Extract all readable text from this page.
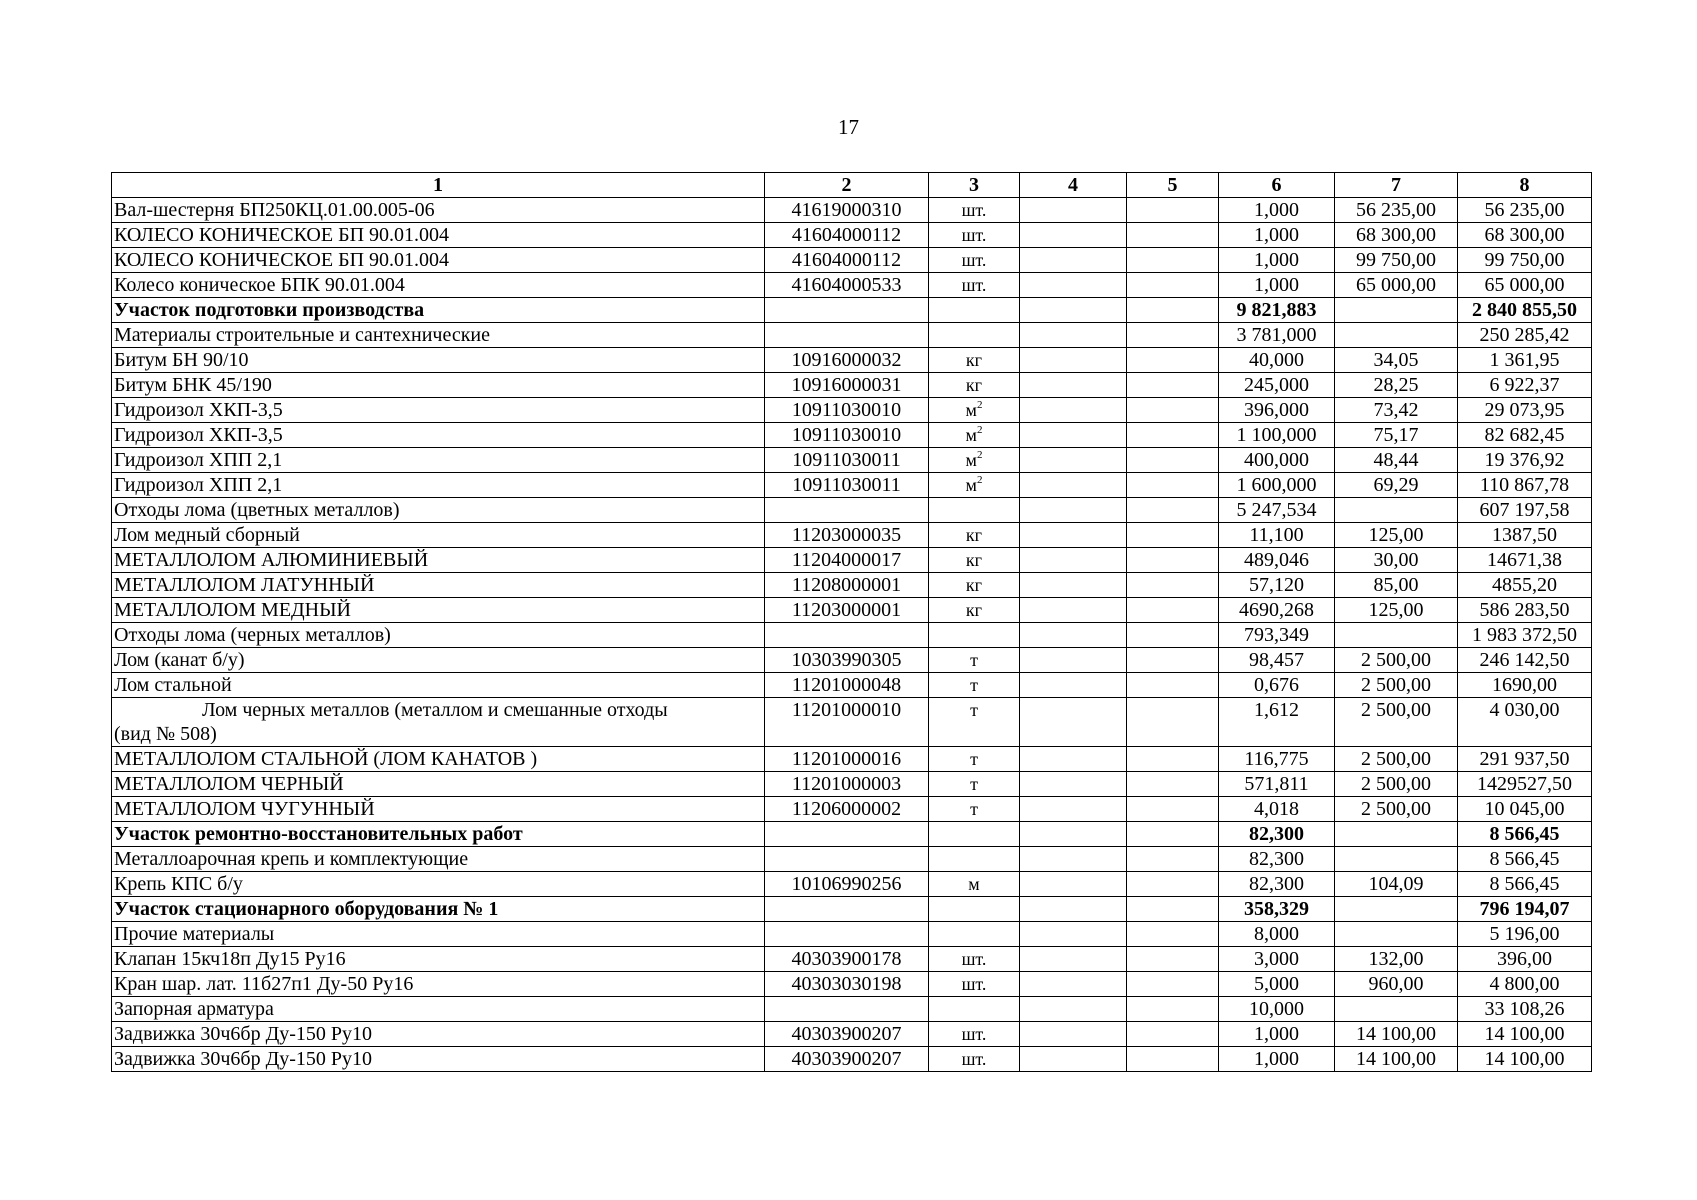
17
1	2	3	4	5	6	7	8
Вал-шестерня БП250КЦ.01.00.005-06	41619000310	шт.			1,000	56 235,00	56 235,00
КОЛЕСО КОНИЧЕСКОЕ БП 90.01.004	41604000112	шт.			1,000	68 300,00	68 300,00
КОЛЕСО КОНИЧЕСКОЕ БП 90.01.004	41604000112	шт.			1,000	99 750,00	99 750,00
Колесо коническое БПК 90.01.004	41604000533	шт.			1,000	65 000,00	65 000,00
Участок подготовки производства					9 821,883		2 840 855,50
Материалы строительные и сантехнические					3 781,000		250 285,42
Битум БН 90/10	10916000032	кг			40,000	34,05	1 361,95
Битум БНК 45/190	10916000031	кг			245,000	28,25	6 922,37
Гидроизол ХКП-3,5	10911030010	$м^2$			396,000	73,42	29 073,95
Гидроизол ХКП-3,5	10911030010	$м^2$			1 100,000	75,17	82 682,45
Гидроизол ХПП 2,1	10911030011	$м^2$			400,000	48,44	19 376,92
Гидроизол ХПП 2,1	10911030011	$м^2$			1 600,000	69,29	110 867,78
Отходы лома (цветных металлов)					5 247,534		607 197,58
Лом медный сборный	11203000035	кг			11,100	125,00	1387,50
МЕТАЛЛОЛОМ АЛЮМИНИЕВЫЙ	11204000017	кг			489,046	30,00	14671,38
МЕТАЛЛОЛОМ ЛАТУННЫЙ	11208000001	кг			57,120	85,00	4855,20
МЕТАЛЛОЛОМ МЕДНЫЙ	11203000001	кг			4690,268	125,00	586 283,50
Отходы лома (черных металлов)					793,349		1 983 372,50
Лом (канат б/у)	10303990305	т			98,457	2 500,00	246 142,50
Лом стальной	11201000048	т			0,676	2 500,00	1690,00

Лом черных металлов (металлом и смешанные отходы
(вид № 508)	11201000010	т			1,612	2 500,00	4 030,00
МЕТАЛЛОЛОМ СТАЛЬНОЙ (ЛОМ КАНАТОВ )	11201000016	т			116,775	2 500,00	291 937,50
МЕТАЛЛОЛОМ ЧЕРНЫЙ	11201000003	т			571,811	2 500,00	1429527,50
МЕТАЛЛОЛОМ ЧУГУННЫЙ	11206000002	т			4,018	2 500,00	10 045,00
Участок ремонтно-восстановительных работ					82,300		8 566,45
Металлоарочная крепь и комплектующие					82,300		8 566,45
Крепь КПС б/у	10106990256	м			82,300	104,09	8 566,45
Участок стационарного оборудования № 1					358,329		796 194,07
Прочие материалы					8,000		5 196,00
Клапан 15кч18п Ду15 Ру16	40303900178	шт.			3,000	132,00	396,00
Кран шар. лат. 11б27п1 Ду-50 Ру16	40303030198	шт.			5,000	960,00	4 800,00
Запорная арматура					10,000		33 108,26
Задвижка 30ч6бр Ду-150 Ру10	40303900207	шт.			1,000	14 100,00	14 100,00
Задвижка 30ч6бр Ду-150 Ру10	40303900207	шт.			1,000	14 100,00	14 100,00
